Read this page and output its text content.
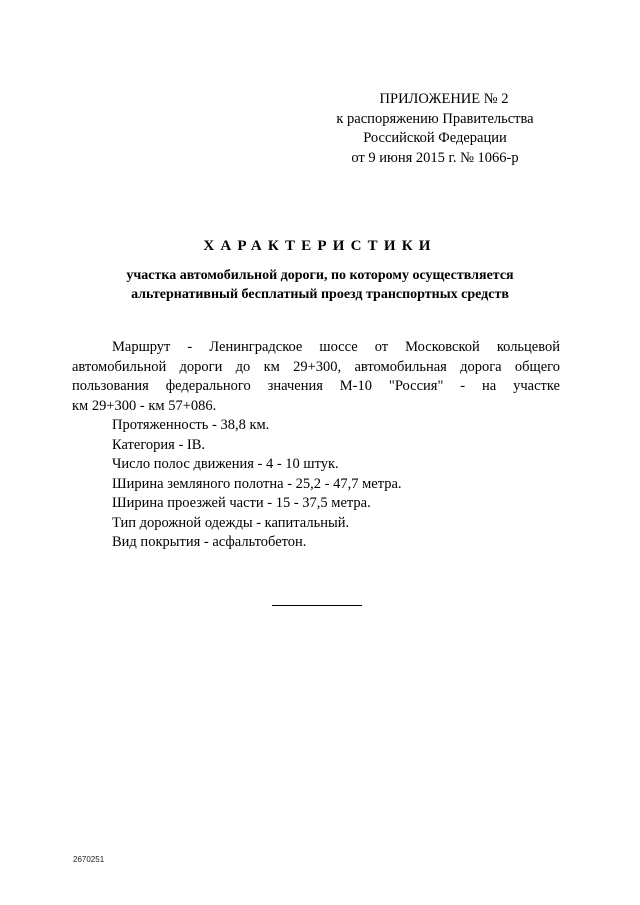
ПРИЛОЖЕНИЕ № 2
к распоряжению Правительства
Российской Федерации
от 9 июня 2015 г. № 1066-р
ХАРАКТЕРИСТИКИ
участка автомобильной дороги, по которому осуществляется
альтернативный бесплатный проезд транспортных средств
Маршрут - Ленинградское шоссе от Московской кольцевой
автомобильной дороги до км 29+300, автомобильная дорога общего
пользования федерального значения М-10 "Россия" - на участке
км 29+300 - км 57+086.

Протяженность - 38,8 км.

Категория - IВ.

Число полос движения - 4 - 10 штук.

Ширина земляного полотна - 25,2 - 47,7 метра.

Ширина проезжей части - 15 - 37,5 метра.

Тип дорожной одежды - капитальный.

Вид покрытия - асфальтобетон.

2670251
